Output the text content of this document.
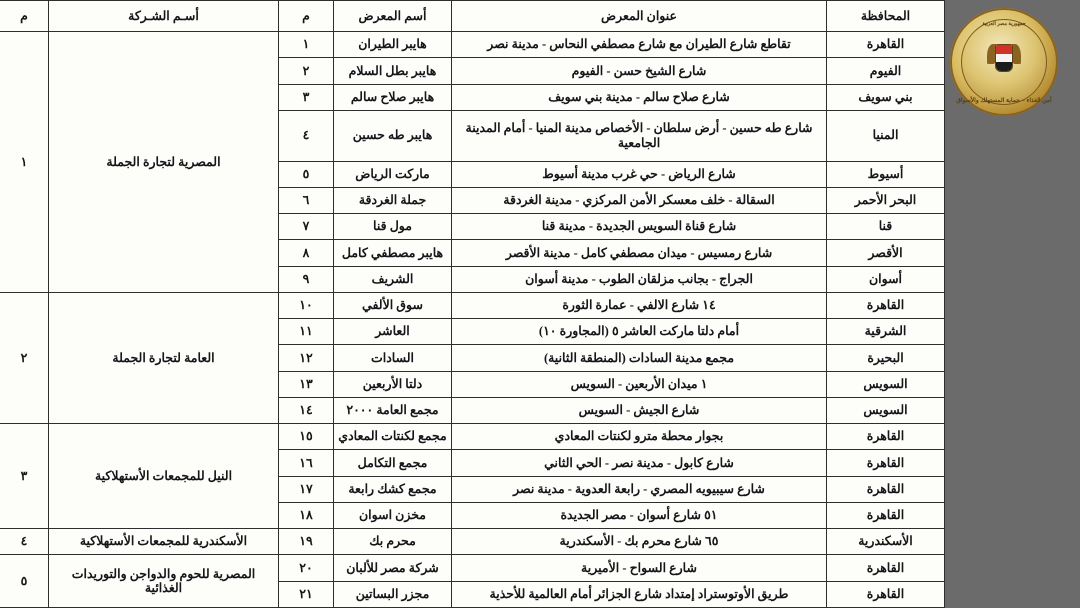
المحافظة	عنوان المعرض	أسم المعرض	م	أسـم الشـركة	م
القاهرة	تقاطع شارع الطيران مع شارع مصطفي النحاس - مدينة نصر	هايبر الطيران	١	المصرية لتجارة الجملة	١
الفيوم	شارع الشيخ حسن - الفيوم	هايبر بطل السلام	٢		
بني سويف	شارع صلاح سالم - مدينة بني سويف	هايبر صلاح سالم	٣		
المنيا	شارع طه حسين - أرض سلطان - الأخصاص مدينة المنيا - أمام المدينة الجامعية	هايبر طه حسين	٤		
أسيوط	شارع الرياض - حي غرب مدينة أسيوط	ماركت الرياض	٥		
البحر الأحمر	السقالة - خلف معسكر الأمن المركزي - مدينة الغردقة	جملة الغردقة	٦		
قنا	شارع قناة السويس الجديدة - مدينة قنا	مول قنا	٧		
الأقصر	شارع رمسيس - ميدان مصطفي كامل - مدينة الأقصر	هايبر مصطفي كامل	٨		
أسوان	الجراج - بجانب مزلقان الطوب - مدينة أسوان	الشريف	٩		
القاهرة	١٤ شارع الالفي - عمارة الثورة	سوق الألفي	١٠	العامة لتجارة الجملة	٢
الشرقية	أمام دلتا ماركت العاشر ٥ (المجاورة ١٠)	العاشر	١١		
البحيرة	مجمع مدينة السادات (المنطقة الثانية)	السادات	١٢		
السويس	١ ميدان الأربعين - السويس	دلتا الأربعين	١٣		
السويس	شارع الجيش - السويس	مجمع العامة ٢٠٠٠	١٤		
القاهرة	بجوار محطة مترو لكنتات المعادي	مجمع لكنتات المعادي	١٥	النيل للمجمعات الأستهلاكية	٣
القاهرة	شارع كابول - مدينة نصر - الحي الثاني	مجمع التكامل	١٦		
القاهرة	شارع سيبيويه المصري - رابعة العدوية - مدينة نصر	مجمع كشك رابعة	١٧		
القاهرة	٥١ شارع أسوان - مصر الجديدة	مخزن اسوان	١٨		
الأسكندرية	٦٥ شارع محرم بك - الأسكندرية	محرم بك	١٩	الأسكندرية للمجمعات الأستهلاكية	٤
القاهرة	شارع السواح - الأميرية	شركة مصر للألبان	٢٠	المصرية للحوم والدواجن والتوريدات الغذائية	٥
القاهرة	طريق الأوتوستراد إمتداد شارع الجزائر أمام العالمية للأحذية	مجزر البساتين	٢١		
جمهورية مصر العربية
أمن الغذاء – حماية المستهلك والأسواق
